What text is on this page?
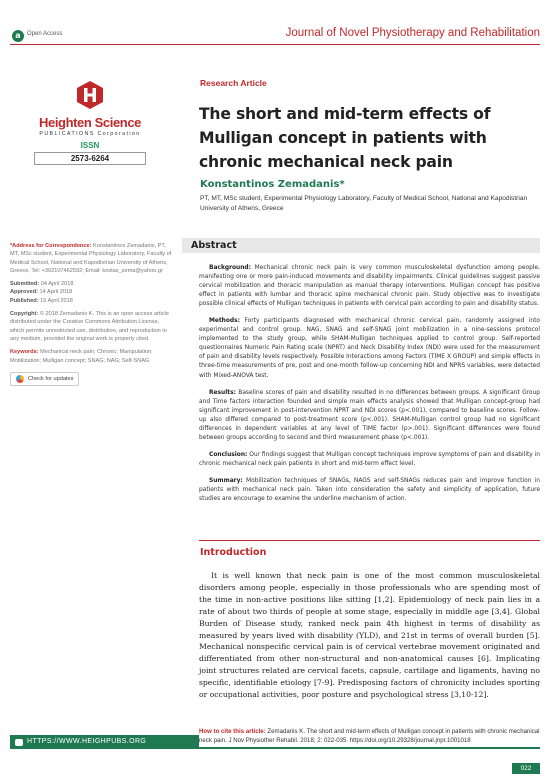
a Open Access	Journal of Novel Physiotherapy and Rehabilitation
Heighten Science
PUBLICATIONS Corporation
ISSN
2573-6264
Research Article
The short and mid-term effects of Mulligan concept in patients with chronic mechanical neck pain
Konstantinos Zemadanis*
PT, MT, MSc student, Experimental Physiology Laboratory, Faculty of Medical School, National and Kapodistrian University of Athens, Greece

*Address for Correspondence: Konstantinos Zemadanis, PT, MT, MSc student, Experimental Physiology Laboratory, Faculty of Medical School, National and Kapodistrian University of Athens, Greece, Tel: +302107462592; Email: kostas_zema@yahoo.gr

Submitted: 04 April 2018
Approved: 14 April 2018
Published: 15 April 2018

Copyright: © 2018 Zemadanis K. This is an open access article distributed under the Creative Commons Attribution License, which permits unrestricted use, distribution, and reproduction in any medium, provided the original work is properly cited.

Keywords: Mechanical neck pain; Chronic; Manipulation; Mobilization; Mulligan concept; SNAG; NAG; Self-SNAG

Check for updates
Abstract

Background: Mechanical chronic neck pain is very common musculoskeletal dysfunction among people, manifesting one or more pain-induced movements and disability impairments. Clinical guidelines suggest passive cervical mobilization and thoracic manipulation as manual therapy interventions. Mulligan concept has positive effect in patients with lumbar and thoracic spine mechanical chronic pain. Study objective was to investigate possible clinical effects of Mulligan techniques in patients with cervical pain according to pain and disability status.

Methods: Forty participants diagnosed with mechanical chronic cervical pain, randomly assigned into experimental and control group. NAG, SNAG and self-SNAG joint mobilization in a nine-sessions protocol implemented to the study group, while SHAM-Mulligan techniques applied to control group. Self-reported questionnaires Numeric Pain Rating scale (NPRT) and Neck Disability Index (NDI) were used for the measurement of pain and disability levels respectively. Possible Interactions among Factors (TIME X GROUP) and simple effects in three-time measurements of pre, post and one-month follow-up concerning NDI and NPRS variables, were detected with Mixed-ANOVA test.

Results: Baseline scores of pain and disability resulted in no differences between groups. A significant Group and Time factors interaction founded and simple main effects analysis showed that Mulligan concept-group had significant improvement in post-intervention NPRT and NDI scores (p<.001), compared to baseline scores. Follow-up also differed compared to post-treatment score (p<.001). SHAM-Mulligan control group had no significant differences in dependent variables at any level of TIME factor (p>.001). Significant differences were found between groups according to second and third measurement phase (p<.001).

Conclusion: Our findings suggest that Mulligan concept techniques improve symptoms of pain and disability in chronic mechanical neck pain patients in short and mid-term effect level.

Summary: Mobilization techniques of SNAGs, NAGS and self-SNAGs reduces pain and improve function in patients with mechanical neck pain. Taken into consideration the safety and simplicity of application, future studies are encourage to examine the underline mechanism of action.

Introduction
It is well known that neck pain is one of the most common musculoskeletal disorders among people, especially in those professionals who are spending most of the time in non-active positions like sitting [1,2]. Epidemiology of neck pain lies in a rate of about two thirds of people at some stage, especially in middle age [3,4]. Global Burden of Disease study, ranked neck pain 4th highest in terms of disability as measured by years lived with disability (YLD), and 21st in terms of overall burden [5]. Mechanical nonspecific cervical pain is of cervical vertebrae movement originated and differentiated from other non-structural and non-anatomical causes [6]. Implicating joint structures related are cervical facets, capsule, cartilage and ligaments, having no specific, identifiable etiology [7-9]. Predisposing factors of chronicity includes sporting or occupational activities, poor posture and psychological stress [3,10-12].
HTTPS://WWW.HEIGHPUBS.ORG
How to cite this article: Zemadanis K. The short and mid-term effects of Mulligan concept in patients with chronic mechanical neck pain. J Nov Physiother Rehabil. 2018; 2: 022-035. https://doi.org/10.29328/journal.jnpr.1001018
022
